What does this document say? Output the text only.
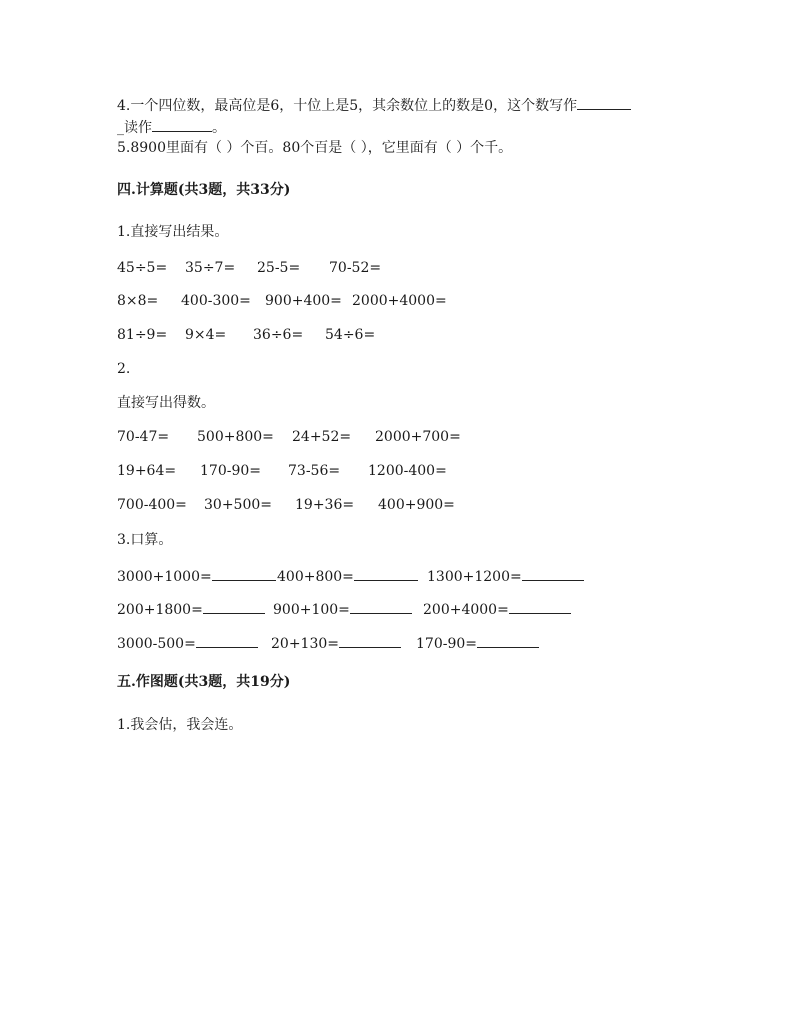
4.一个四位数，最高位是6，十位上是5，其余数位上的数是0，这个数写作
_读作	。
5.8900里面有（ ）个百。80个百是（ ），它里面有（ ）个千。
四.计算题(共3题，共33分)
1.直接写出结果。
45÷5= 35÷7= 25-5= 70-52=
8×8= 400-300= 900+400= 2000+4000=
81÷9= 9×4= 36÷6= 54÷6=
2.
直接写出得数。
70-47= 500+800= 24+52= 2000+700=
19+64= 170-90= 73-56= 1200-400=
700-400= 30+500= 19+36= 400+900=
3.口算。
3000+1000=	400+800=	1300+1200=
200+1800=	900+100=	200+4000=
3000-500=	20+130=	170-90=
五.作图题(共3题，共19分)
1.我会估，我会连。
